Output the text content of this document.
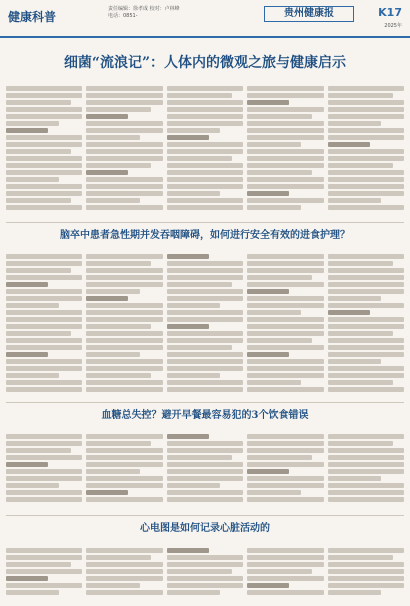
健康科普
责任编辑：徐孝成 校对：卢林峰
电话：0851-	贵州健康报	K17
2025年
细菌“流浪记”：人体内的微观之旅与健康启示
脑卒中患者急性期并发吞咽障碍，如何进行安全有效的进食护理？
血糖总失控？避开早餐最容易犯的3个饮食错误
心电图是如何记录心脏活动的
